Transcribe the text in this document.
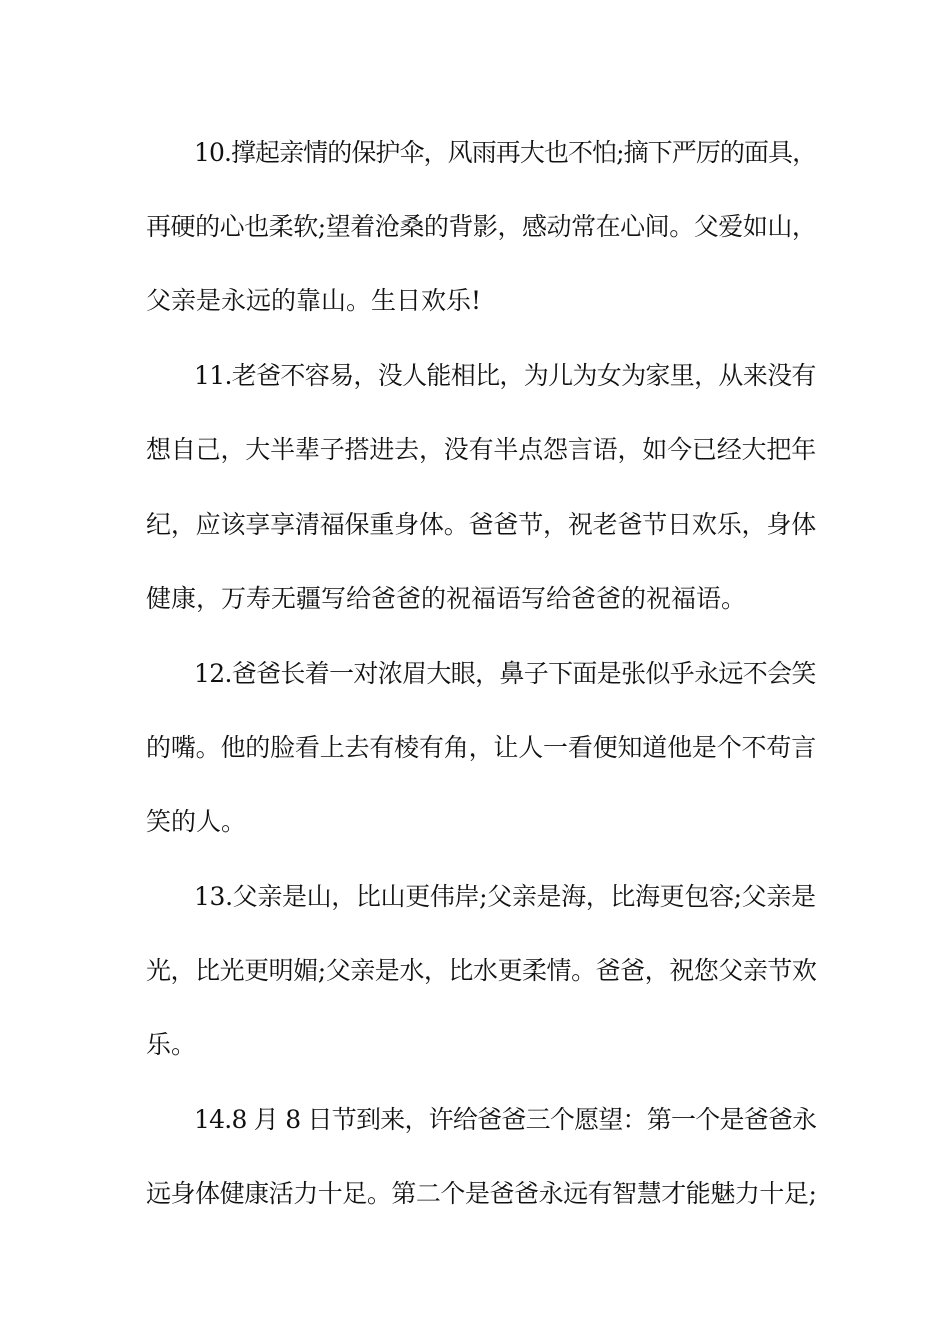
10.撑起亲情的保护伞，风雨再大也不怕;摘下严厉的面具，
再硬的心也柔软;望着沧桑的背影，感动常在心间。父爱如山，
父亲是永远的靠山。生日欢乐!
11.老爸不容易，没人能相比，为儿为女为家里，从来没有
想自己，大半辈子搭进去，没有半点怨言语，如今已经大把年
纪，应该享享清福保重身体。爸爸节，祝老爸节日欢乐，身体
健康，万寿无疆写给爸爸的祝福语写给爸爸的祝福语。
12.爸爸长着一对浓眉大眼，鼻子下面是张似乎永远不会笑
的嘴。他的脸看上去有棱有角，让人一看便知道他是个不苟言
笑的人。
13.父亲是山，比山更伟岸;父亲是海，比海更包容;父亲是
光，比光更明媚;父亲是水，比水更柔情。爸爸，祝您父亲节欢
乐。
14.8 月 8 日节到来，许给爸爸三个愿望：第一个是爸爸永
远身体健康活力十足。第二个是爸爸永远有智慧才能魅力十足;
